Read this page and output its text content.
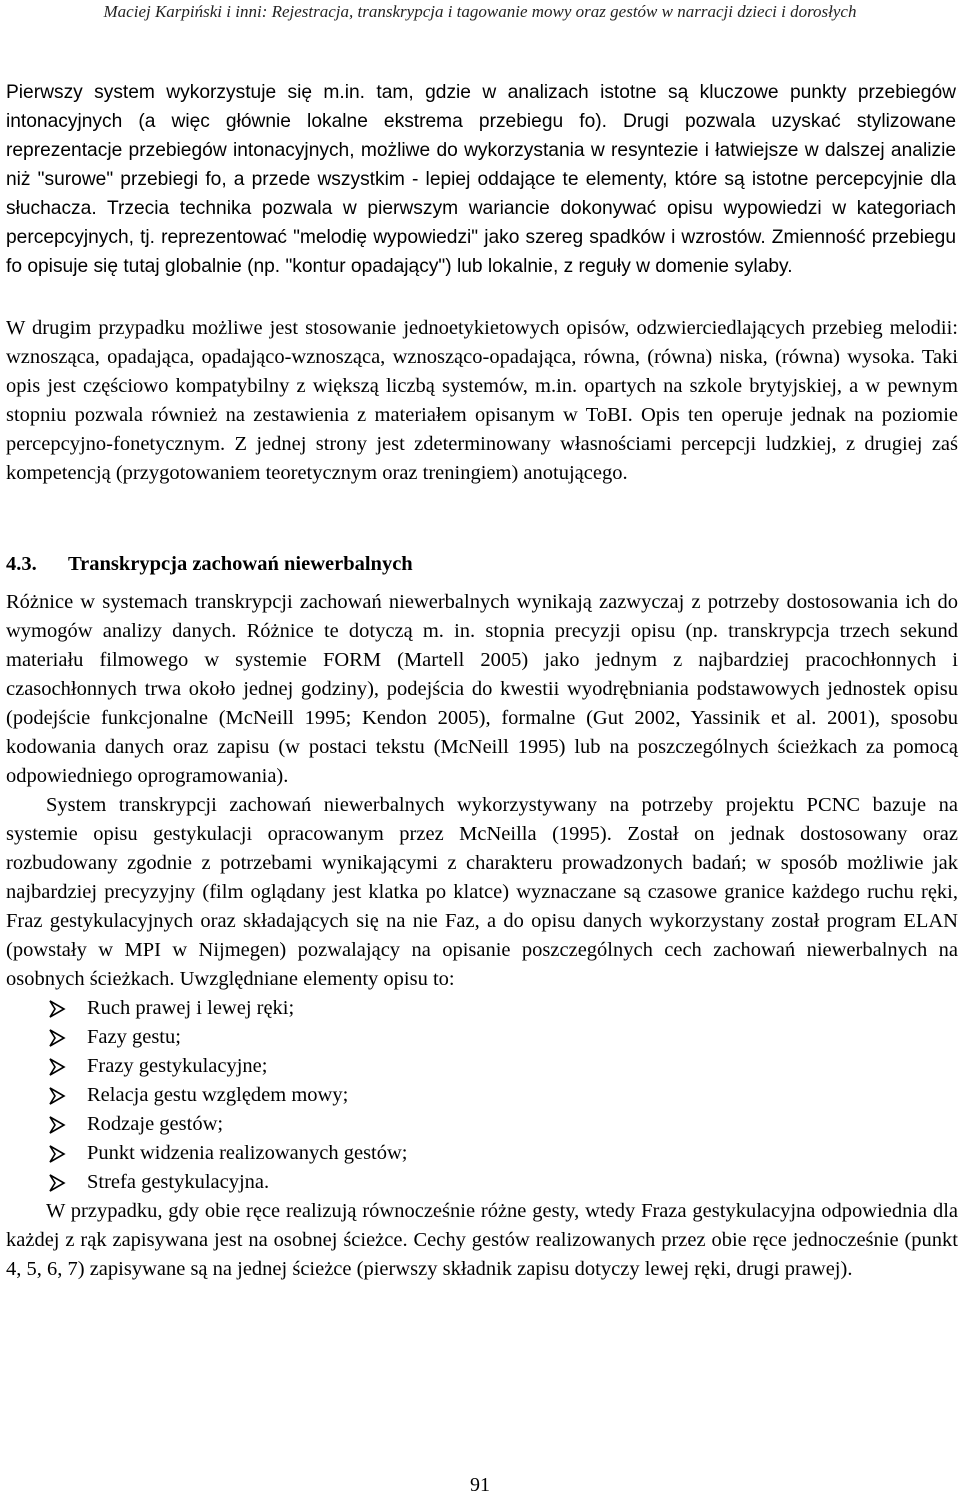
Maciej Karpiński i inni: Rejestracja, transkrypcja i tagowanie mowy oraz gestów w narracji dzieci i dorosłych

Pierwszy system wykorzystuje się m.in. tam, gdzie w analizach istotne są kluczowe punkty przebiegów intonacyjnych (a więc głównie lokalne ekstrema przebiegu fo). Drugi pozwala uzyskać stylizowane reprezentacje przebiegów intonacyjnych, możliwe do wykorzystania w resyntezie i łatwiejsze w dalszej analizie niż "surowe" przebiegi fo, a przede wszystkim - lepiej oddające te elementy, które są istotne percepcyjnie dla słuchacza. Trzecia technika pozwala w pierwszym wariancie dokonywać opisu wypowiedzi w kategoriach percepcyjnych, tj. reprezentować "melodię wypowiedzi" jako szereg spadków i wzrostów. Zmienność przebiegu fo opisuje się tutaj globalnie (np. "kontur opadający") lub lokalnie, z reguły w domenie sylaby.

W drugim przypadku możliwe jest stosowanie jednoetykietowych opisów, odzwierciedlających przebieg melodii: wznosząca, opadająca, opadająco-wznosząca, wznosząco-opadająca, równa, (równa) niska, (równa) wysoka. Taki opis jest częściowo kompatybilny z większą liczbą systemów, m.in. opartych na szkole brytyjskiej, a w pewnym stopniu pozwala również na zestawienia z materiałem opisanym w ToBI. Opis ten operuje jednak na poziomie percepcyjno-fonetycznym. Z jednej strony jest zdeterminowany własnościami percepcji ludzkiej, z drugiej zaś kompetencją (przygotowaniem teoretycznym oraz treningiem) anotującego.

4.3. Transkrypcja zachowań niewerbalnych

Różnice w systemach transkrypcji zachowań niewerbalnych wynikają zazwyczaj z potrzeby dostosowania ich do wymogów analizy danych. Różnice te dotyczą m. in. stopnia precyzji opisu (np. transkrypcja trzech sekund materiału filmowego w systemie FORM (Martell 2005) jako jednym z najbardziej pracochłonnych i czasochłonnych trwa około jednej godziny), podejścia do kwestii wyodrębniania podstawowych jednostek opisu (podejście funkcjonalne (McNeill 1995; Kendon 2005), formalne (Gut 2002, Yassinik et al. 2001), sposobu kodowania danych oraz zapisu (w postaci tekstu (McNeill 1995) lub na poszczególnych ścieżkach za pomocą odpowiedniego oprogramowania).

System transkrypcji zachowań niewerbalnych wykorzystywany na potrzeby projektu PCNC bazuje na systemie opisu gestykulacji opracowanym przez McNeilla (1995). Został on jednak dostosowany oraz rozbudowany zgodnie z potrzebami wynikającymi z charakteru prowadzonych badań; w sposób możliwie jak najbardziej precyzyjny (film oglądany jest klatka po klatce) wyznaczane są czasowe granice każdego ruchu ręki, Fraz gestykulacyjnych oraz składających się na nie Faz, a do opisu danych wykorzystany został program ELAN (powstały w MPI w Nijmegen) pozwalający na opisanie poszczególnych cech zachowań niewerbalnych na osobnych ścieżkach. Uwzględniane elementy opisu to:

Ruch prawej i lewej ręki;
Fazy gestu;
Frazy gestykulacyjne;
Relacja gestu względem mowy;
Rodzaje gestów;
Punkt widzenia realizowanych gestów;
Strefa gestykulacyjna.

W przypadku, gdy obie ręce realizują równocześnie różne gesty, wtedy Fraza gestykulacyjna odpowiednia dla każdej z rąk zapisywana jest na osobnej ścieżce. Cechy gestów realizowanych przez obie ręce jednocześnie (punkt 4, 5, 6, 7) zapisywane są na jednej ścieżce (pierwszy składnik zapisu dotyczy lewej ręki, drugi prawej).

91
